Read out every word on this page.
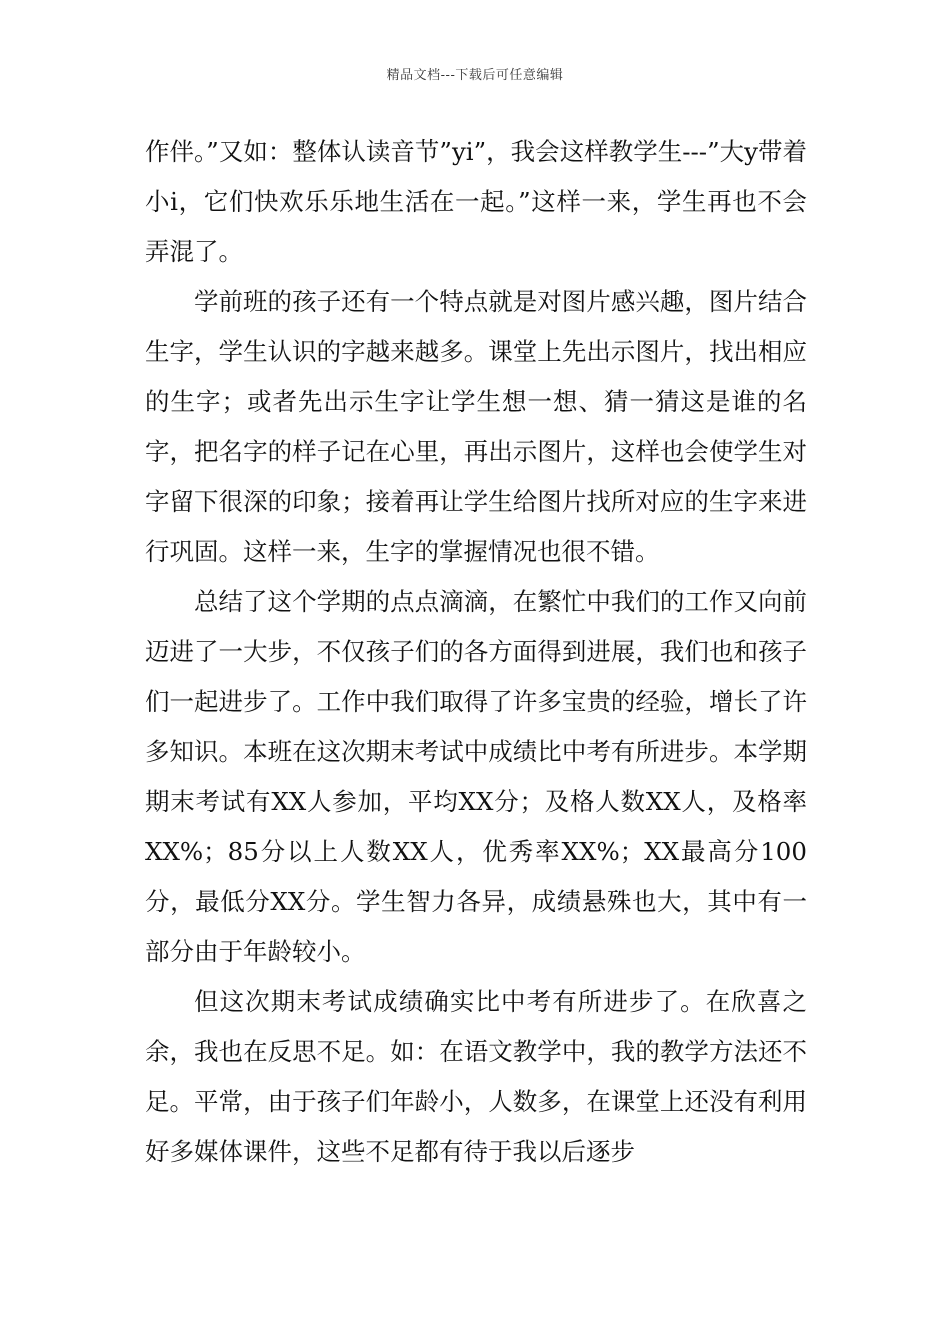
精品文档---下载后可任意编辑

作伴。”又如：整体认读音节”yi”，我会这样教学生---”大y带着小i，它们快欢乐乐地生活在一起。”这样一来，学生再也不会弄混了。

学前班的孩子还有一个特点就是对图片感兴趣，图片结合生字，学生认识的字越来越多。课堂上先出示图片，找出相应的生字；或者先出示生字让学生想一想、猜一猜这是谁的名字，把名字的样子记在心里，再出示图片，这样也会使学生对字留下很深的印象；接着再让学生给图片找所对应的生字来进行巩固。这样一来，生字的掌握情况也很不错。

总结了这个学期的点点滴滴，在繁忙中我们的工作又向前迈进了一大步，不仅孩子们的各方面得到进展，我们也和孩子们一起进步了。工作中我们取得了许多宝贵的经验，增长了许多知识。本班在这次期末考试中成绩比中考有所进步。本学期期末考试有XX人参加，平均XX分；及格人数XX人，及格率XX%；85分以上人数XX人，优秀率XX%；XX最高分100分，最低分XX分。学生智力各异，成绩悬殊也大，其中有一部分由于年龄较小。

但这次期末考试成绩确实比中考有所进步了。在欣喜之余，我也在反思不足。如：在语文教学中，我的教学方法还不足。平常，由于孩子们年龄小，人数多，在课堂上还没有利用好多媒体课件，这些不足都有待于我以后逐步
